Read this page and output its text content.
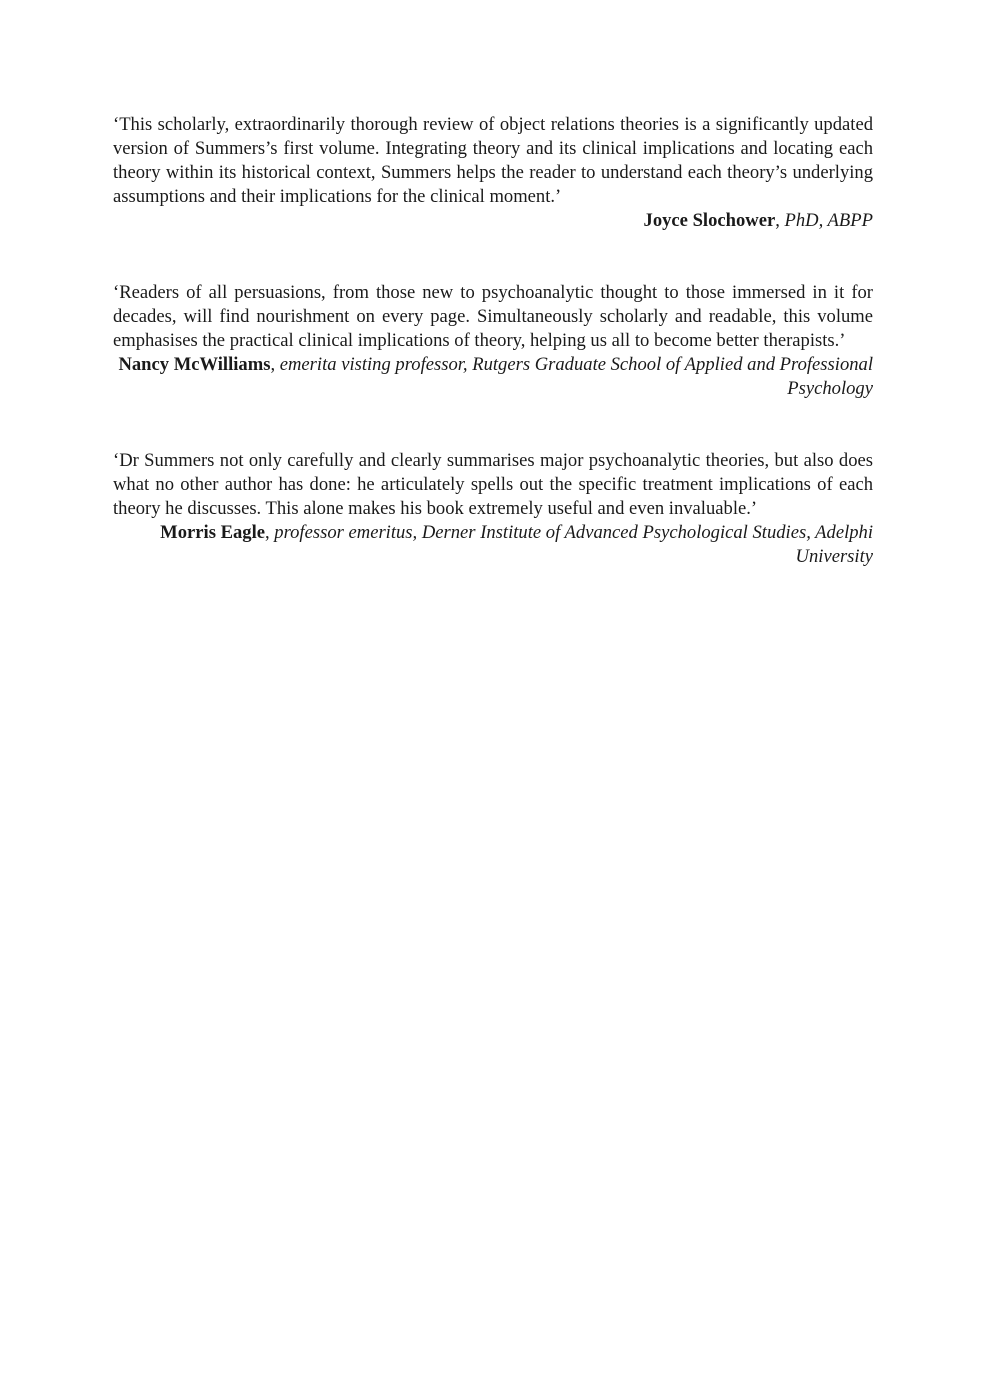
‘This scholarly, extraordinarily thorough review of object relations theories is a significantly updated version of Summers’s first volume. Integrating theory and its clinical implications and locating each theory within its historical context, Summers helps the reader to understand each theory’s underlying assumptions and their implications for the clinical moment.’

Joyce Slochower, PhD, ABPP

‘Readers of all persuasions, from those new to psychoanalytic thought to those immersed in it for decades, will find nourishment on every page. Simultaneously scholarly and readable, this volume emphasises the practical clinical implications of theory, helping us all to become better therapists.’

Nancy McWilliams, emerita visting professor, Rutgers Graduate School of Applied and Professional Psychology

‘Dr Summers not only carefully and clearly summarises major psychoanalytic theories, but also does what no other author has done: he articulately spells out the specific treatment implications of each theory he discusses. This alone makes his book extremely useful and even invaluable.’

Morris Eagle, professor emeritus, Derner Institute of Advanced Psychological Studies, Adelphi University
